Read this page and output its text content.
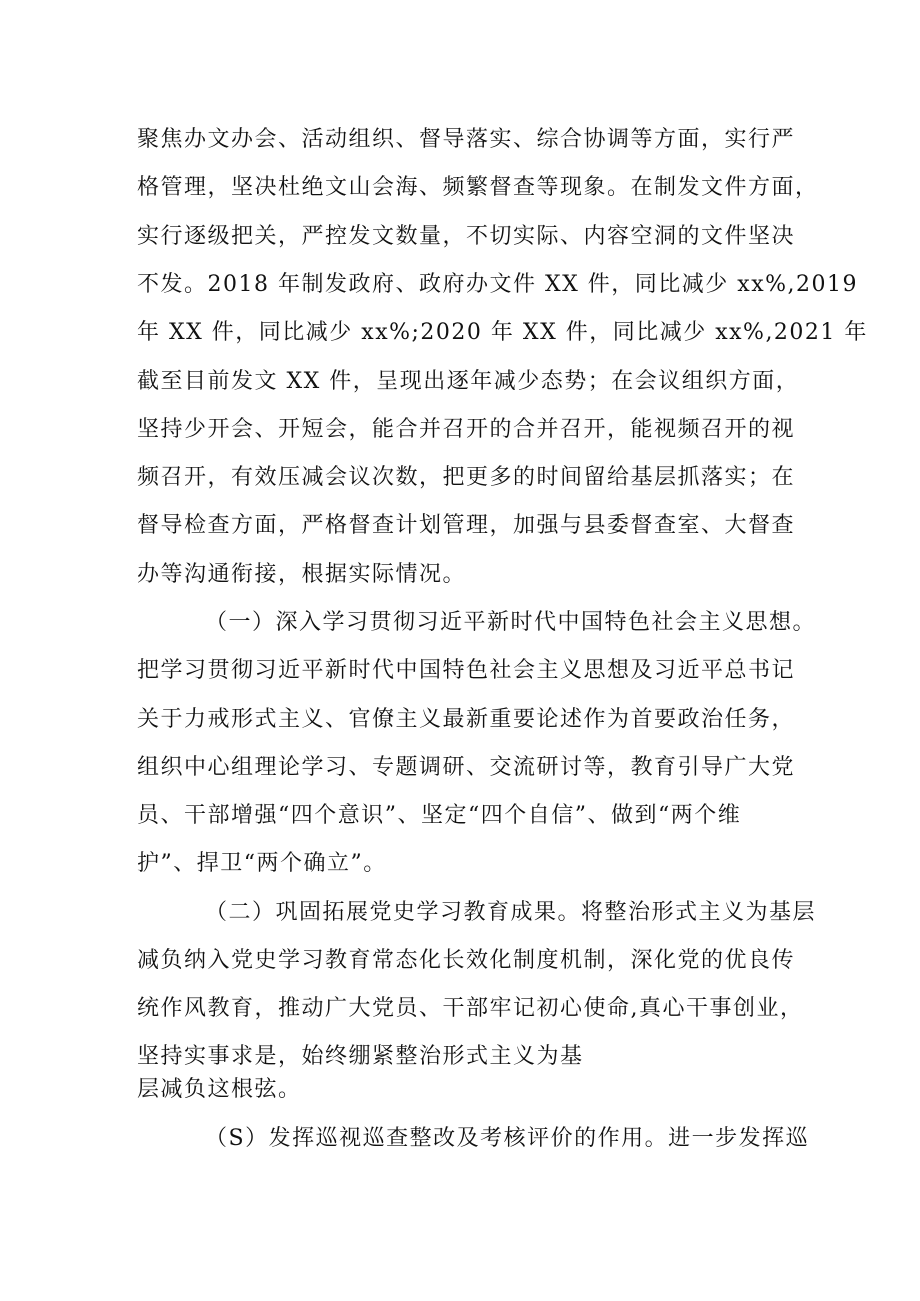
聚焦办文办会、活动组织、督导落实、综合协调等方面，实行严
格管理，坚决杜绝文山会海、频繁督查等现象。在制发文件方面，
实行逐级把关，严控发文数量，不切实际、内容空洞的文件坚决
不发。2018 年制发政府、政府办文件 XX 件，同比减少 xx%,2019
年 XX 件，同比减少 xx%;2020 年 XX 件，同比减少 xx%,2021 年
截至目前发文 XX 件，呈现出逐年减少态势；在会议组织方面，
坚持少开会、开短会，能合并召开的合并召开，能视频召开的视
频召开，有效压减会议次数，把更多的时间留给基层抓落实；在
督导检查方面，严格督查计划管理，加强与县委督查室、大督查
办等沟通衔接，根据实际情况。
（一）深入学习贯彻习近平新时代中国特色社会主义思想。
把学习贯彻习近平新时代中国特色社会主义思想及习近平总书记
关于力戒形式主义、官僚主义最新重要论述作为首要政治任务，
组织中心组理论学习、专题调研、交流研讨等，教育引导广大党
员、干部增强“四个意识”、坚定“四个自信”、做到“两个维
护”、捍卫“两个确立”。
（二）巩固拓展党史学习教育成果。将整治形式主义为基层
减负纳入党史学习教育常态化长效化制度机制，深化党的优良传
统作风教育，推动广大党员、干部牢记初心使命,真心干事创业，
坚持实事求是，始终绷紧整治形式主义为基
层减负这根弦。
（S）发挥巡视巡查整改及考核评价的作用。进一步发挥巡
